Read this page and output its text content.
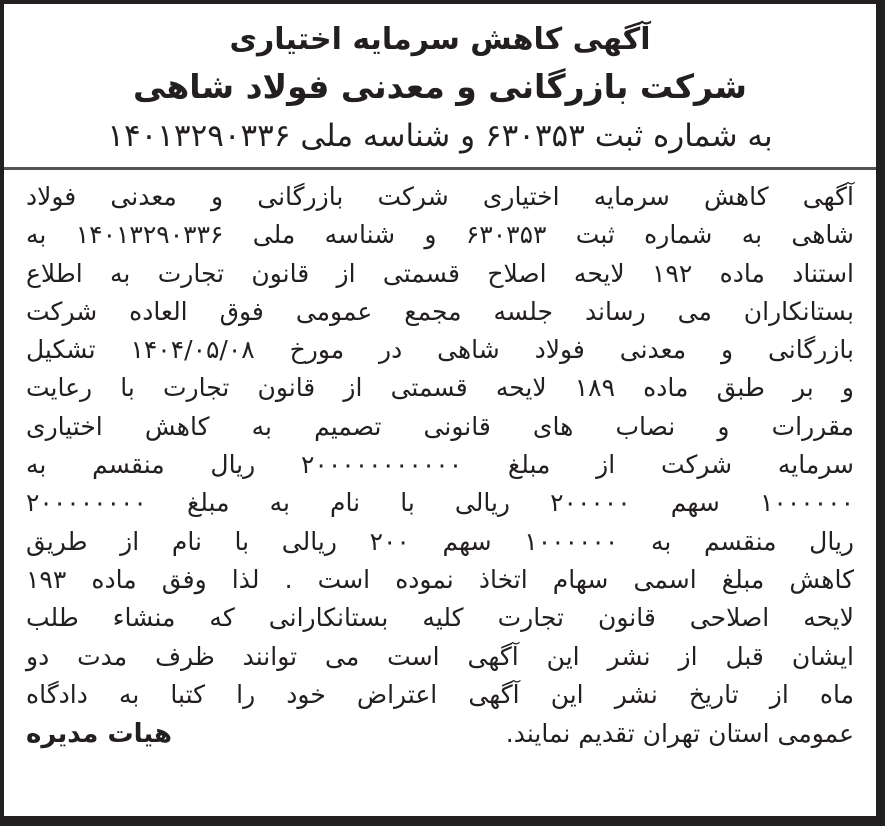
آگهی کاهش سرمایه اختیاری
شرکت بازرگانی و معدنی فولاد شاهی
به شماره ثبت ۶۳۰۳۵۳ و شناسه ملی ۱۴۰۱۳۲۹۰۳۳۶
آگهی کاهش سرمایه اختیاری شرکت بازرگانی و معدنی فولاد
شاهی به شماره ثبت ۶۳۰۳۵۳ و شناسه ملی ۱۴۰۱۳۲۹۰۳۳۶ به
استناد ماده ۱۹۲ لایحه اصلاح قسمتی از قانون تجارت به اطلاع
بستانکاران می رساند جلسه مجمع عمومی فوق العاده شرکت
بازرگانی و معدنی فولاد شاهی در مورخ ۱۴۰۴/۰۵/۰۸ تشکیل
و بر طبق ماده ۱۸۹ لایحه قسمتی از قانون تجارت با رعایت
مقررات و نصاب های قانونی تصمیم به کاهش اختیاری
سرمایه شرکت از مبلغ ۲۰۰۰۰۰۰۰۰۰۰۰ ریال منقسم به
۱۰۰۰۰۰۰ سهم ۲۰۰۰۰۰ ریالی با نام به مبلغ ۲۰۰۰۰۰۰۰۰
ریال منقسم به ۱۰۰۰۰۰۰ سهم ۲۰۰ ریالی با نام از طریق
کاهش مبلغ اسمی سهام اتخاذ نموده است . لذا وفق ماده ۱۹۳
لایحه اصلاحی قانون تجارت کلیه بستانکارانی که منشاء طلب
ایشان قبل از نشر این آگهی است می توانند ظرف مدت دو
ماه از تاریخ نشر این آگهی اعتراض خود را کتبا به دادگاه
عمومی استان تهران تقدیم نمایند.
هیات مدیره
